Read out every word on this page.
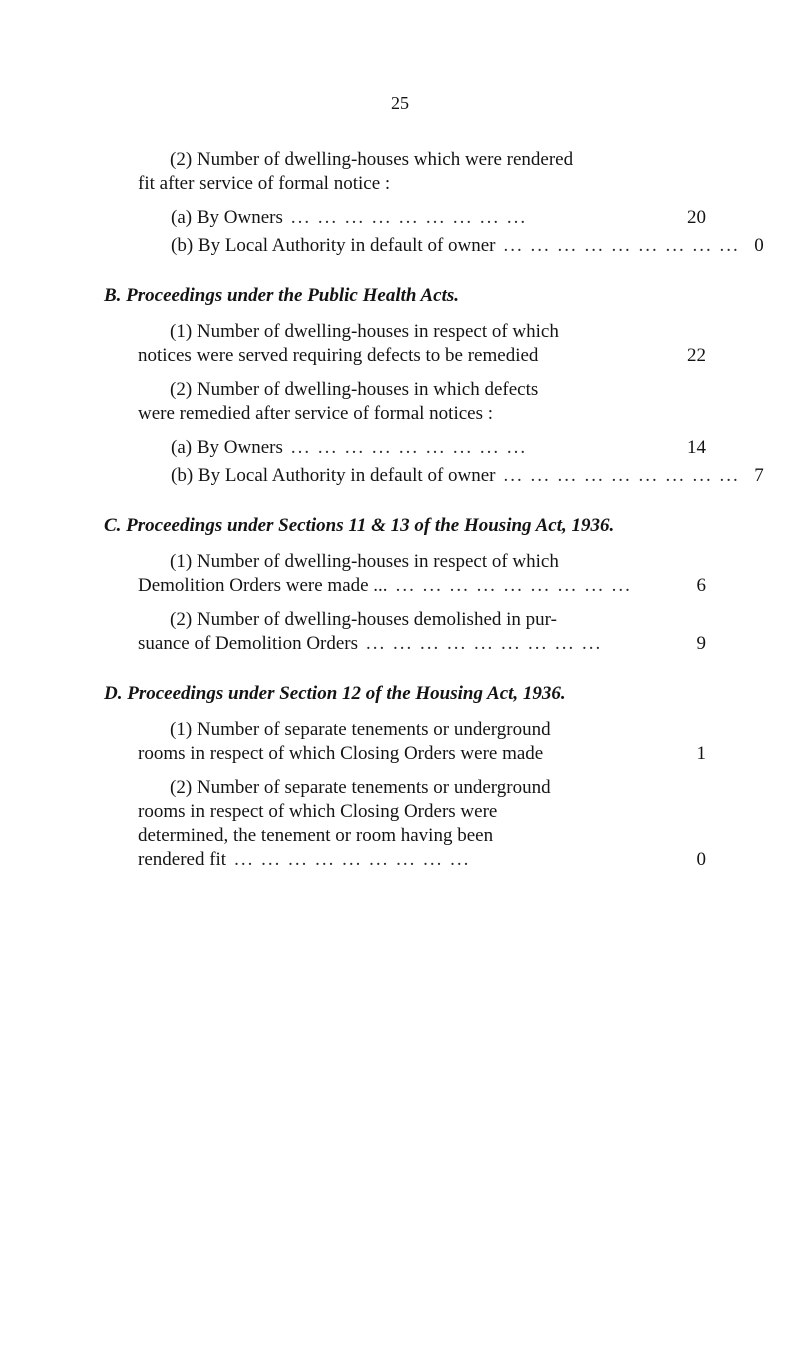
25
(2) Number of dwelling-houses which were rendered
fit after service of formal notice :
(a) By Owners ... ... ... ... ... ... ... ... ...	20
(b) By Local Authority in default of owner ... ... ... ... ... ... ... ... ... 0
B. Proceedings under the Public Health Acts.
(1) Number of dwelling-houses in respect of which
notices were served requiring defects to be remedied	22
(2) Number of dwelling-houses in which defects
were remedied after service of formal notices :
(a) By Owners ... ... ... ... ... ... ... ... ...	14
(b) By Local Authority in default of owner ... ... ... ... ... ... ... ... ... 7
C. Proceedings under Sections 11 & 13 of the Housing Act, 1936.
(1) Number of dwelling-houses in respect of which
Demolition Orders were made ... ... ... ... ... ... ... ... ... ...	6
(2) Number of dwelling-houses demolished in pur-
suance of Demolition Orders ... ... ... ... ... ... ... ... ...	9
D. Proceedings under Section 12 of the Housing Act, 1936.
(1) Number of separate tenements or underground
rooms in respect of which Closing Orders were made	1
(2) Number of separate tenements or underground
rooms in respect of which Closing Orders were
determined, the tenement or room having been
rendered fit ... ... ... ... ... ... ... ... ...	0
